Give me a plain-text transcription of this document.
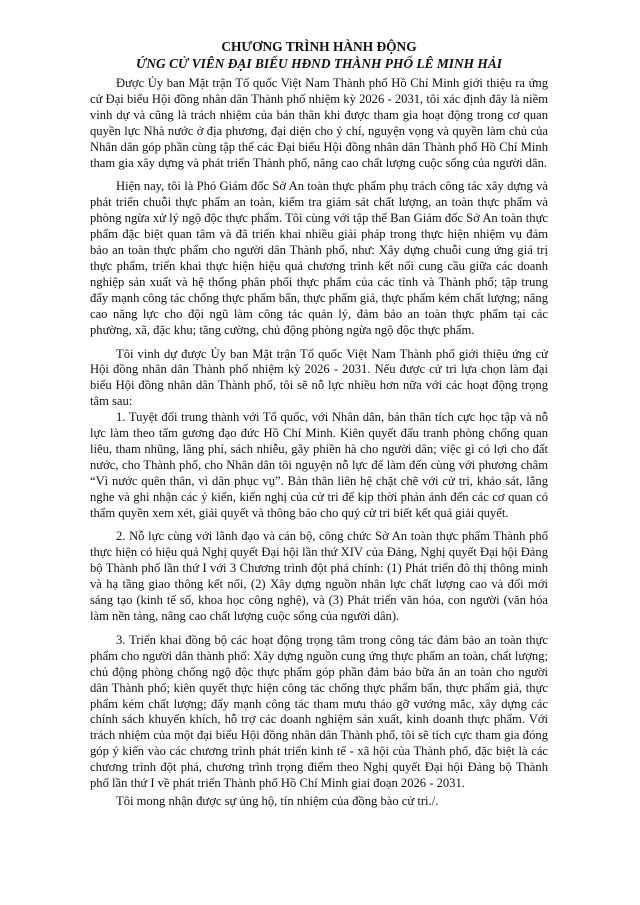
CHƯƠNG TRÌNH HÀNH ĐỘNG
ỨNG CỬ VIÊN ĐẠI BIỂU HĐND THÀNH PHỐ LÊ MINH HẢI

Được Ủy ban Mặt trận Tổ quốc Việt Nam Thành phố Hồ Chí Minh giới thiệu ra ứng cử Đại biểu Hội đồng nhân dân Thành phố nhiệm kỳ 2026 - 2031, tôi xác định đây là niềm vinh dự và cũng là trách nhiệm của bản thân khi được tham gia hoạt động trong cơ quan quyền lực Nhà nước ở địa phương, đại diện cho ý chí, nguyện vọng và quyền làm chủ của Nhân dân góp phần cùng tập thể các Đại biểu Hội đồng nhân dân Thành phố Hồ Chí Minh tham gia xây dựng và phát triển Thành phố, nâng cao chất lượng cuộc sống của người dân.

Hiện nay, tôi là Phó Giám đốc Sở An toàn thực phẩm phụ trách công tác xây dựng và phát triển chuỗi thực phẩm an toàn, kiểm tra giám sát chất lượng, an toàn thực phẩm và phòng ngừa xử lý ngộ độc thực phẩm. Tôi cùng với tập thể Ban Giám đốc Sở An toàn thực phẩm đặc biệt quan tâm và đã triển khai nhiều giải pháp trong thực hiện nhiệm vụ đảm bảo an toàn thực phẩm cho người dân Thành phố, như: Xây dựng chuỗi cung ứng giá trị thực phẩm, triển khai thực hiện hiệu quả chương trình kết nối cung cầu giữa các doanh nghiệp sản xuất và hệ thống phân phối thực phẩm của các tỉnh và Thành phố; tập trung đẩy mạnh công tác chống thực phẩm bẩn, thực phẩm giả, thực phẩm kém chất lượng; nâng cao năng lực cho đội ngũ làm công tác quản lý, đảm bảo an toàn thực phẩm tại các phường, xã, đặc khu; tăng cường, chủ động phòng ngừa ngộ độc thực phẩm.

Tôi vinh dự được Ủy ban Mặt trận Tổ quốc Việt Nam Thành phố giới thiệu ứng cử Hội đồng nhân dân Thành phố nhiệm kỳ 2026 - 2031. Nếu được cử tri lựa chọn làm đại biểu Hội đồng nhân dân Thành phố, tôi sẽ nỗ lực nhiều hơn nữa với các hoạt động trọng tâm sau:

1. Tuyệt đối trung thành với Tổ quốc, với Nhân dân, bản thân tích cực học tập và nỗ lực làm theo tấm gương đạo đức Hồ Chí Minh. Kiên quyết đấu tranh phòng chống quan liêu, tham nhũng, lãng phí, sách nhiễu, gây phiền hà cho người dân; việc gì có lợi cho đất nước, cho Thành phố, cho Nhân dân tôi nguyện nỗ lực để làm đến cùng với phương châm “Vì nước quên thân, vì dân phục vụ”. Bản thân liên hệ chặt chẽ với cử tri, khảo sát, lắng nghe và ghi nhận các ý kiến, kiến nghị của cử tri để kịp thời phản ánh đến các cơ quan có thẩm quyền xem xét, giải quyết và thông báo cho quý cử tri biết kết quả giải quyết.

2. Nỗ lực cùng với lãnh đạo và cán bộ, công chức Sở An toàn thực phẩm Thành phố thực hiện có hiệu quả Nghị quyết Đại hội lần thứ XIV của Đảng, Nghị quyết Đại hội Đảng bộ Thành phố lần thứ I với 3 Chương trình đột phá chính: (1) Phát triển đô thị thông minh và hạ tầng giao thông kết nối, (2) Xây dựng nguồn nhân lực chất lượng cao và đổi mới sáng tạo (kinh tế số, khoa học công nghệ), và (3) Phát triển văn hóa, con người (văn hóa làm nền tảng, nâng cao chất lượng cuộc sống của người dân).

3. Triển khai đồng bộ các hoạt động trọng tâm trong công tác đảm bảo an toàn thực phẩm cho người dân thành phố: Xây dựng nguồn cung ứng thực phẩm an toàn, chất lượng; chủ động phòng chống ngộ độc thực phẩm góp phần đảm bảo bữa ăn an toàn cho người dân Thành phố; kiên quyết thực hiện công tác chống thực phẩm bẩn, thực phẩm giả, thực phẩm kém chất lượng; đẩy mạnh công tác tham mưu tháo gỡ vướng mắc, xây dựng các chính sách khuyến khích, hỗ trợ các doanh nghiệm sản xuất, kinh doanh thực phẩm. Với trách nhiệm của một đại biểu Hội đồng nhân dân Thành phố, tôi sẽ tích cực tham gia đóng góp ý kiến vào các chương trình phát triển kinh tế - xã hội của Thành phố, đặc biệt là các chương trình đột phá, chương trình trọng điểm theo Nghị quyết Đại hội Đảng bộ Thành phố lần thứ I về phát triển Thành phố Hồ Chí Minh giai đoạn 2026 - 2031.

Tôi mong nhận được sự ủng hộ, tín nhiệm của đồng bào cử tri./.
